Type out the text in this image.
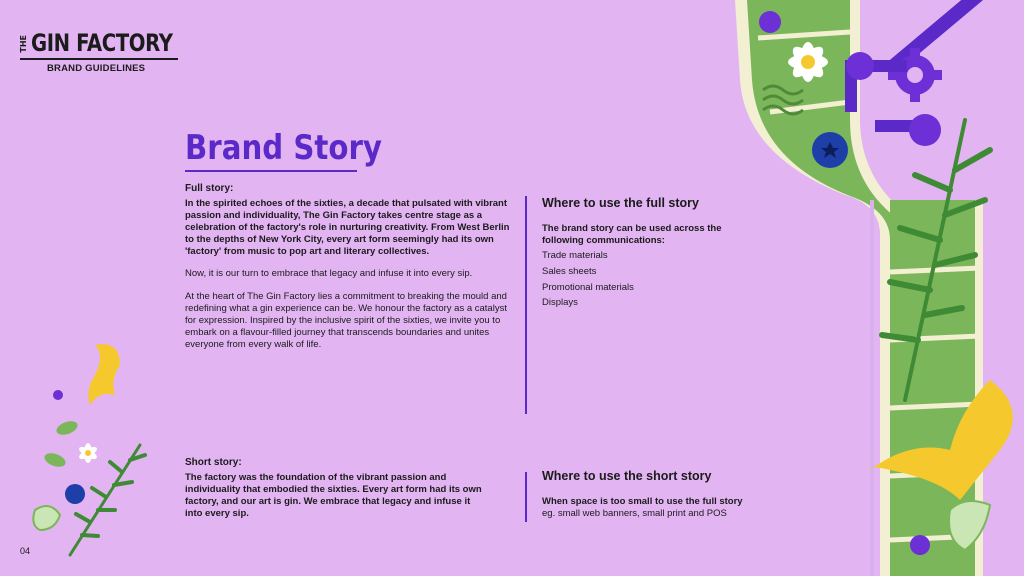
THE GIN FACTORY
BRAND GUIDELINES
Brand Story
Full story:

In the spirited echoes of the sixties, a decade that pulsated with vibrant passion and individuality, The Gin Factory takes centre stage as a celebration of the factory's role in nurturing creativity. From West Berlin to the depths of New York City, every art form seemingly had its own 'factory' from music to pop art and literary collectives.

Now, it is our turn to embrace that legacy and infuse it into every sip.

At the heart of The Gin Factory lies a commitment to breaking the mould and redefining what a gin experience can be. We honour the factory as a catalyst for expression. Inspired by the inclusive spirit of the sixties, we invite you to embark on a flavour-filled journey that transcends boundaries and unites everyone from every walk of life.

Where to use the full story

The brand story can be used across the following communications:

Trade materials
Sales sheets
Promotional materials
Displays
Short story:

The factory was the foundation of the vibrant passion and individuality that embodied the sixties. Every art form had its own factory, and our art is gin. We embrace that legacy and infuse it into every sip.

Where to use the short story
When space is too small to use the full story
eg. small web banners, small print and POS
04
